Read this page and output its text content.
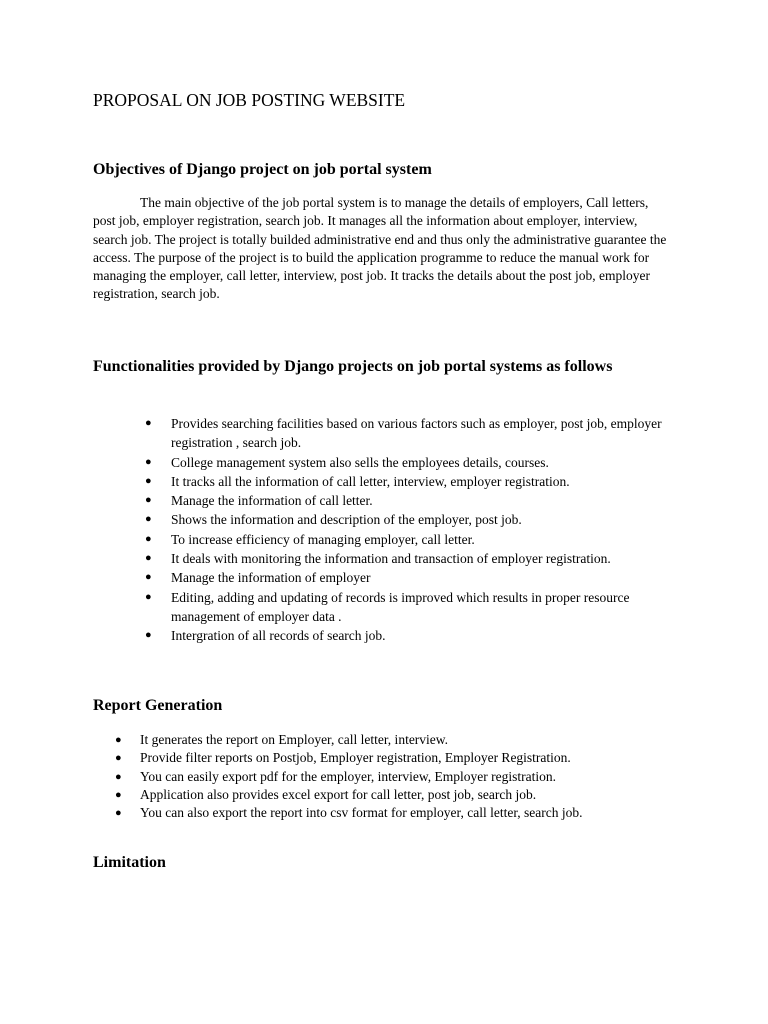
PROPOSAL ON JOB POSTING WEBSITE
Objectives of Django project on job portal system
The main objective of the job portal system is to manage the details of employers, Call letters, post job, employer registration, search job. It manages all the information about employer, interview, search job. The project is totally builded administrative end and thus only the administrative guarantee the access. The purpose of the project is to build the application programme to reduce the manual work for managing the employer, call letter, interview, post job. It tracks the details about the post job, employer registration, search job.
Functionalities provided by Django projects on job portal systems as follows
● Provides searching facilities based on various factors such as employer, post job, employer registration , search job.
● College management system also sells the employees details, courses.
● It tracks all the information of call letter, interview, employer registration.
● Manage the information of call letter.
● Shows the information and description of the employer, post job.
● To increase efficiency of managing employer, call letter.
● It deals with monitoring the information and transaction of employer registration.
● Manage the information of employer
● Editing, adding and updating of records is improved which results in proper resource management of employer data .
● Intergration of all records of search job.
Report Generation
● It generates the report on Employer, call letter, interview.
● Provide filter reports on Postjob, Employer registration, Employer Registration.
● You can easily export pdf for the employer, interview, Employer registration.
● Application also provides excel export for call letter, post job, search job.
● You can also export the report into csv format for employer, call letter, search job.
Limitation
